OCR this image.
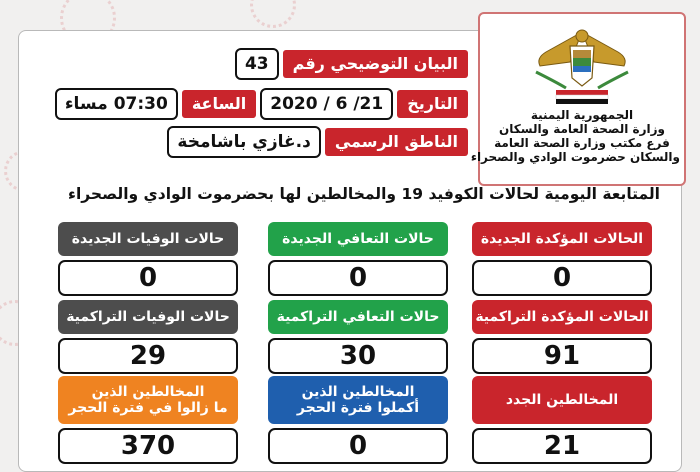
الجمهورية اليمنية
وزارة الصحة العامة والسكان
فرع مكتب وزارة الصحة العامة
والسكان حضرموت الوادي والصحراء
البيان التوضيحي رقم
43
التاريخ
2020 / 6 /21
الساعة
07:30 مساء
الناطق الرسمي
د.غازي باشامخة
المتابعة اليومية لحالات الكوفيد 19 والمخالطين لها بحضرموت الوادي والصحراء
الحالات المؤكدة الجديدة
0
حالات التعافي الجديدة
0
حالات الوفيات الجديدة
0
الحالات المؤكدة التراكمية
91
حالات التعافي التراكمية
30
حالات الوفيات التراكمية
29
المخالطين الجدد
21
المخالطين الذين
أكملوا فترة الحجر
0
المخالطين الذين
ما زالوا في فترة الحجر
370
